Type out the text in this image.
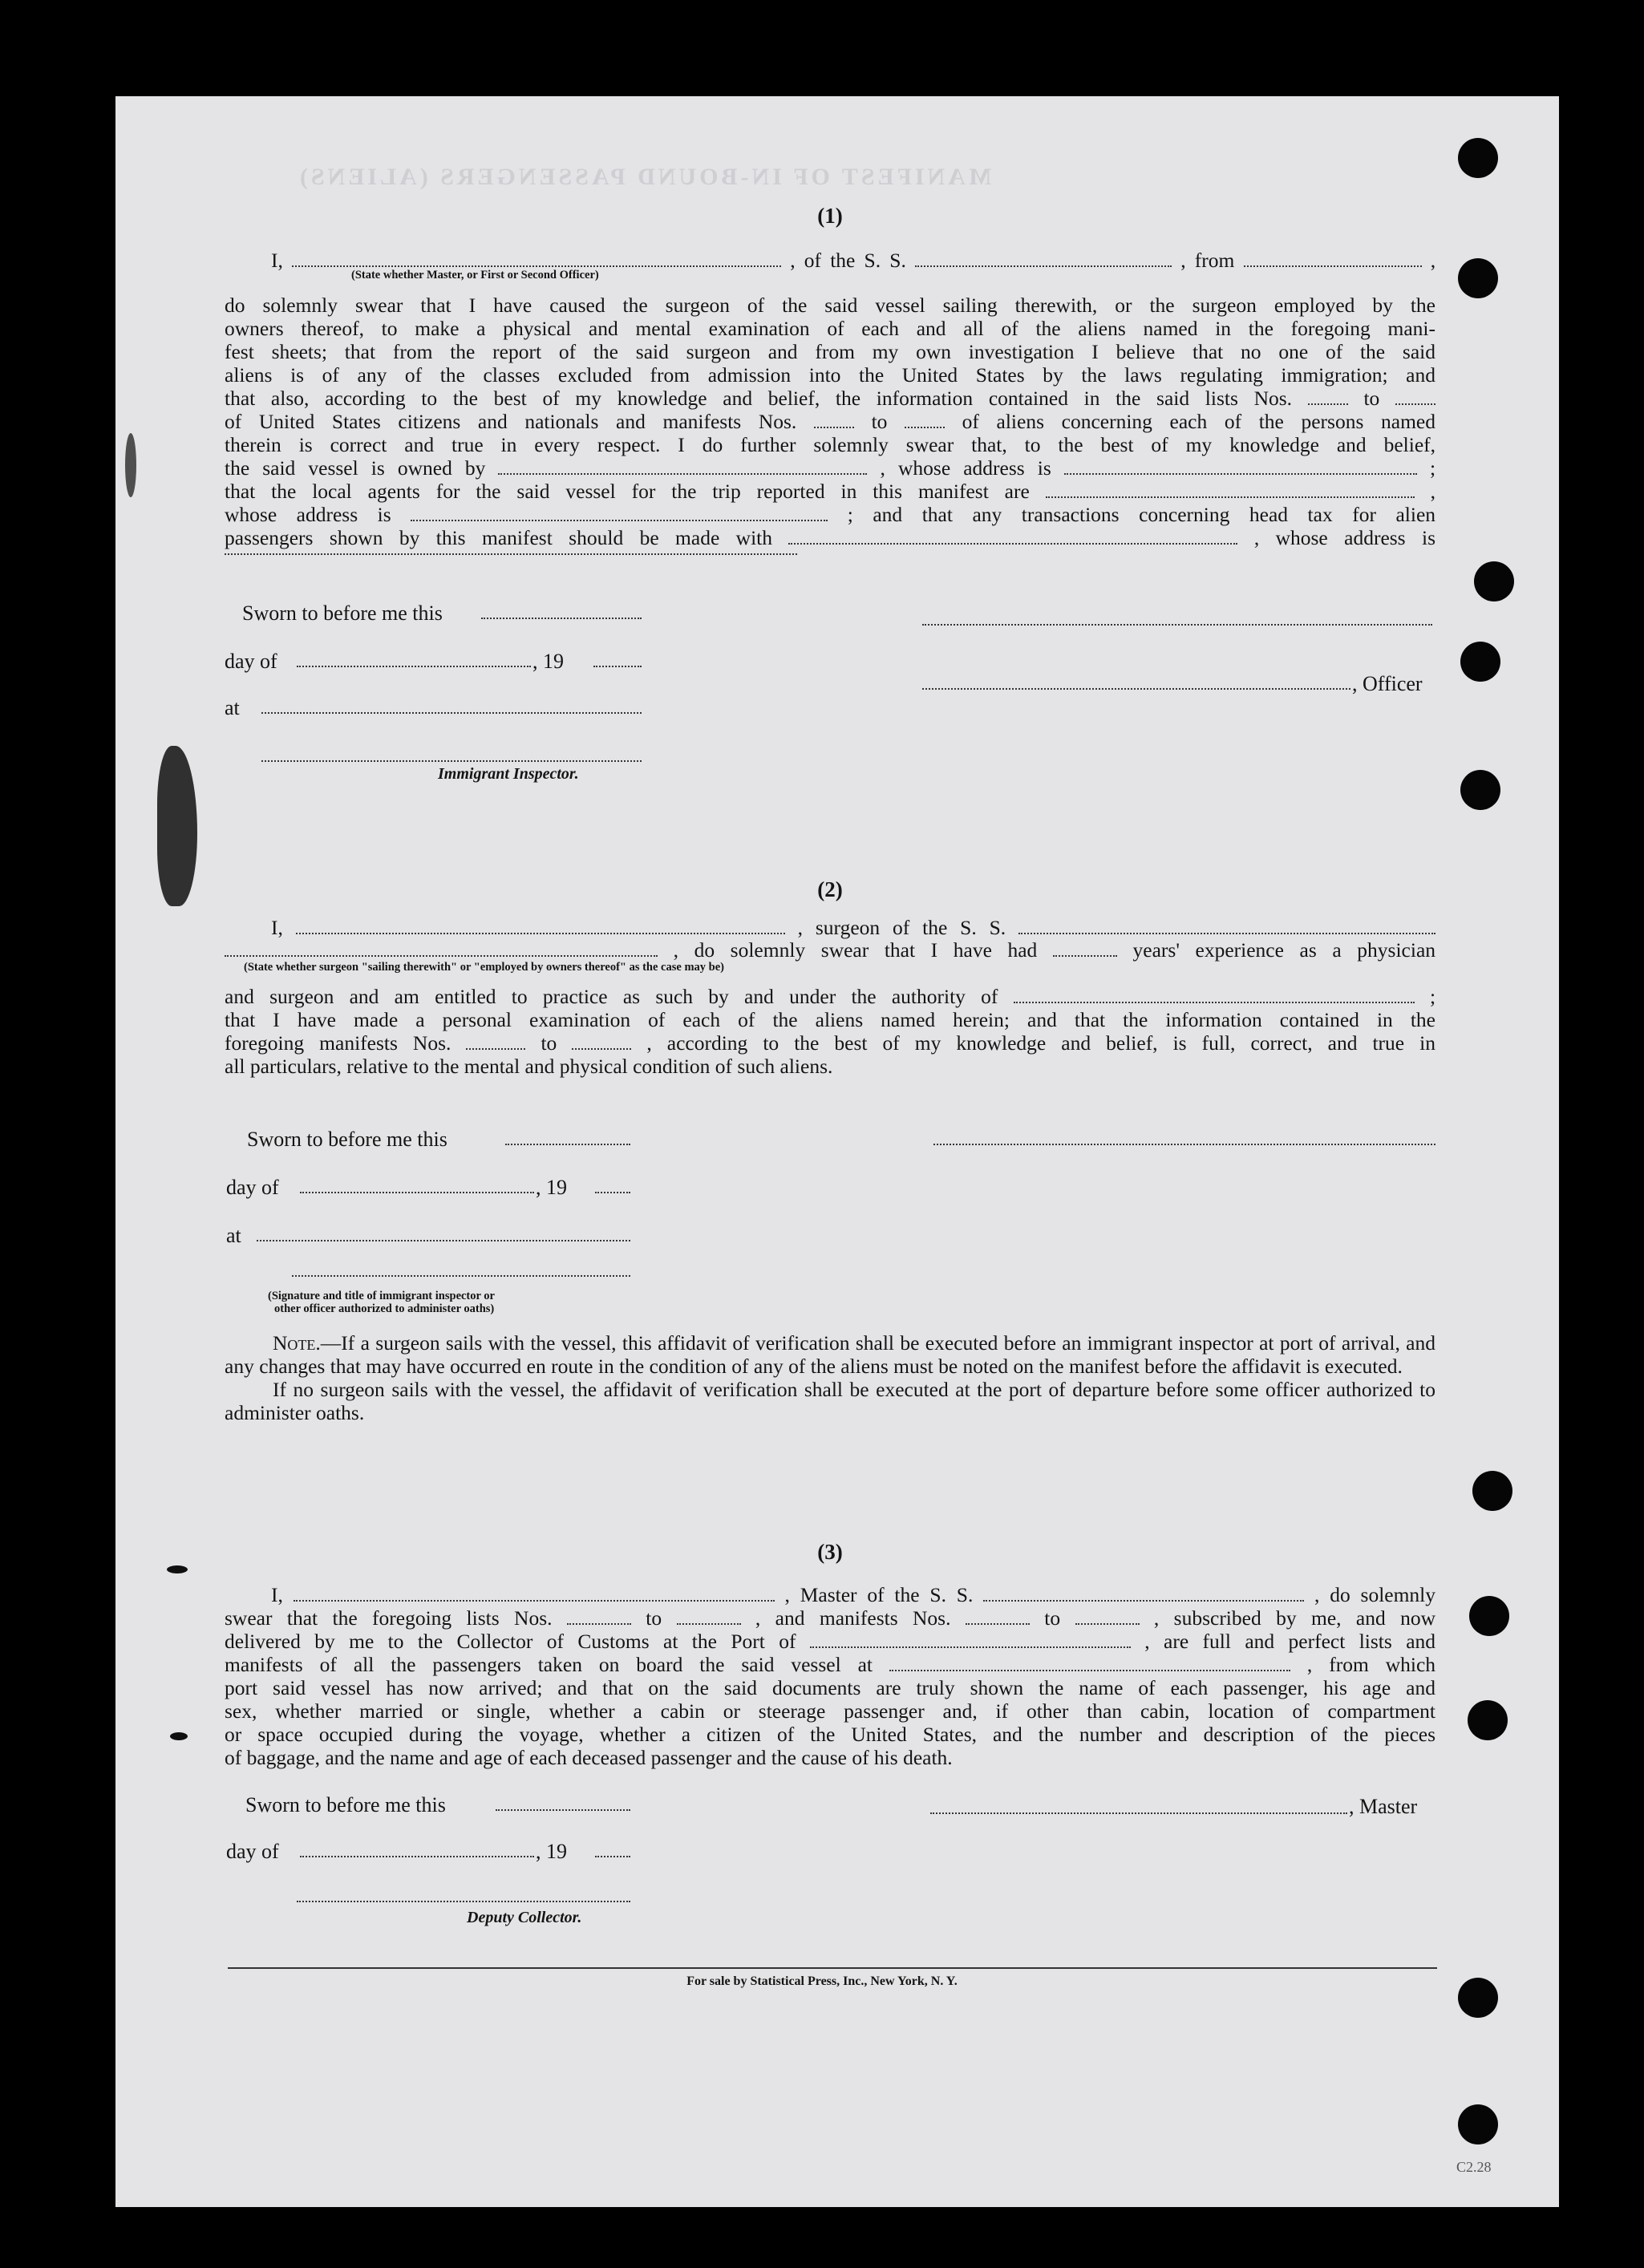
MANIFEST OF IN-BOUND PASSENGERS (ALIENS)
C2.28
(1)
I,	, of the S. S.	, from	,
(State whether Master, or First or Second Officer)
do solemnly swear that I have caused the surgeon of the said vessel sailing therewith, or the surgeon employed by the
owners thereof, to make a physical and mental examination of each and all of the aliens named in the foregoing mani-
fest sheets; that from the report of the said surgeon and from my own investigation I believe that no one of the said
aliens is of any of the classes excluded from admission into the United States by the laws regulating immigration; and
that also, according to the best of my knowledge and belief, the information contained in the said lists Nos.	to
of United States citizens and nationals and manifests Nos.	to	of aliens concerning each of the persons named
therein is correct and true in every respect. I do further solemnly swear that, to the best of my knowledge and belief,
the said vessel is owned by	, whose address is	;
that the local agents for the said vessel for the trip reported in this manifest are	,
whose address is	; and that any transactions concerning head tax for alien
passengers shown by this manifest should be made with	, whose address is
Sworn to before me this
day of	, 19
, Officer
at
Immigrant Inspector.
(2)
I,	, surgeon of the S. S.
, do solemnly swear that I have had	years' experience as a physician
(State whether surgeon "sailing therewith" or "employed by owners thereof" as the case may be)
and surgeon and am entitled to practice as such by and under the authority of	;
that I have made a personal examination of each of the aliens named herein; and that the information contained in the
foregoing manifests Nos.	to	, according to the best of my knowledge and belief, is full, correct, and true in
all particulars, relative to the mental and physical condition of such aliens.
Sworn to before me this
day of	, 19
at
(Signature and title of immigrant inspector or
other officer authorized to administer oaths)

Note.—If a surgeon sails with the vessel, this affidavit of verification shall be executed before an immigrant inspector at port of arrival, and any changes that may have occurred en route in the condition of any of the aliens must be noted on the manifest before the affidavit is executed.

If no surgeon sails with the vessel, the affidavit of verification shall be executed at the port of departure before some officer authorized to administer oaths.

(3)
I,	, Master of the S. S.	, do solemnly
swear that the foregoing lists Nos.	to	, and manifests Nos.	to	, subscribed by me, and now
delivered by me to the Collector of Customs at the Port of	, are full and perfect lists and
manifests of all the passengers taken on board the said vessel at	, from which
port said vessel has now arrived; and that on the said documents are truly shown the name of each passenger, his age and
sex, whether married or single, whether a cabin or steerage passenger and, if other than cabin, location of compartment
or space occupied during the voyage, whether a citizen of the United States, and the number and description of the pieces
of baggage, and the name and age of each deceased passenger and the cause of his death.
Sworn to before me this	, Master
day of	, 19
Deputy Collector.
For sale by Statistical Press, Inc., New York, N. Y.
